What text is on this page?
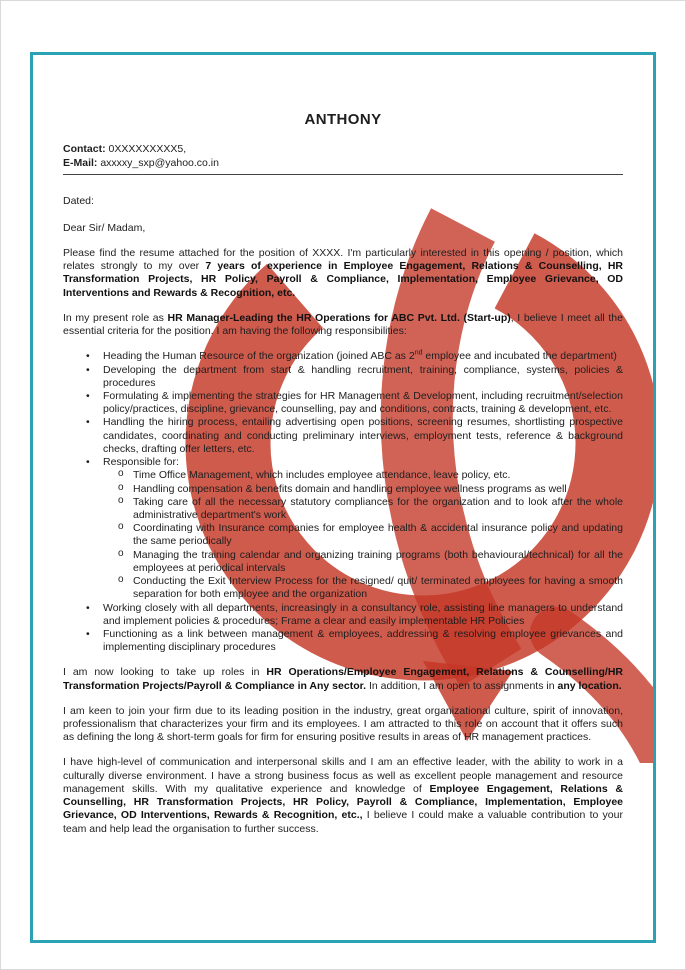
ANTHONY
Contact: 0XXXXXXXXX5,
E-Mail: axxxxy_sxp@yahoo.co.in
Dated:
Dear Sir/ Madam,

Please find the resume attached for the position of XXXX. I'm particularly interested in this opening / position, which relates strongly to my over 7 years of experience in Employee Engagement, Relations & Counselling, HR Transformation Projects, HR Policy, Payroll & Compliance, Implementation, Employee Grievance, OD Interventions and Rewards & Recognition, etc.

In my present role as HR Manager-Leading the HR Operations for ABC Pvt. Ltd. (Start-up), I believe I meet all the essential criteria for the position. I am having the following responsibilities:

• Heading the Human Resource of the organization (joined ABC as 2nd employee and incubated the department)
• Developing the department from start & handling recruitment, training, compliance, systems, policies & procedures
• Formulating & implementing the strategies for HR Management & Development, including recruitment/selection policy/practices, discipline, grievance, counselling, pay and conditions, contracts, training & development, etc.
• Handling the hiring process, entailing advertising open positions, screening resumes, shortlisting prospective candidates, coordinating and conducting preliminary interviews, employment tests, reference & background checks, drafting offer letters, etc.
• Responsible for:
o Time Office Management, which includes employee attendance, leave policy, etc.
o Handling compensation & benefits domain and handling employee wellness programs as well
o Taking care of all the necessary statutory compliances for the organization and to look after the whole administrative department's work
o Coordinating with Insurance companies for employee health & accidental insurance policy and updating the same periodically
o Managing the training calendar and organizing training programs (both behavioural/technical) for all the employees at periodical intervals
o Conducting the Exit Interview Process for the resigned/ quit/ terminated employees for having a smooth separation for both employee and the organization
• Working closely with all departments, increasingly in a consultancy role, assisting line managers to understand and implement policies & procedures; Frame a clear and easily implementable HR Policies
• Functioning as a link between management & employees, addressing & resolving employee grievances and implementing disciplinary procedures

I am now looking to take up roles in HR Operations/Employee Engagement, Relations & Counselling/HR Transformation Projects/Payroll & Compliance in Any sector. In addition, I am open to assignments in any location.

I am keen to join your firm due to its leading position in the industry, great organizational culture, spirit of innovation, professionalism that characterizes your firm and its employees. I am attracted to this role on account that it offers such as defining the long & short-term goals for firm for ensuring positive results in areas of HR management practices.

I have high-level of communication and interpersonal skills and I am an effective leader, with the ability to work in a culturally diverse environment. I have a strong business focus as well as excellent people management and resource management skills. With my qualitative experience and knowledge of Employee Engagement, Relations & Counselling, HR Transformation Projects, HR Policy, Payroll & Compliance, Implementation, Employee Grievance, OD Interventions, Rewards & Recognition, etc., I believe I could make a valuable contribution to your team and help lead the organisation to further success.
